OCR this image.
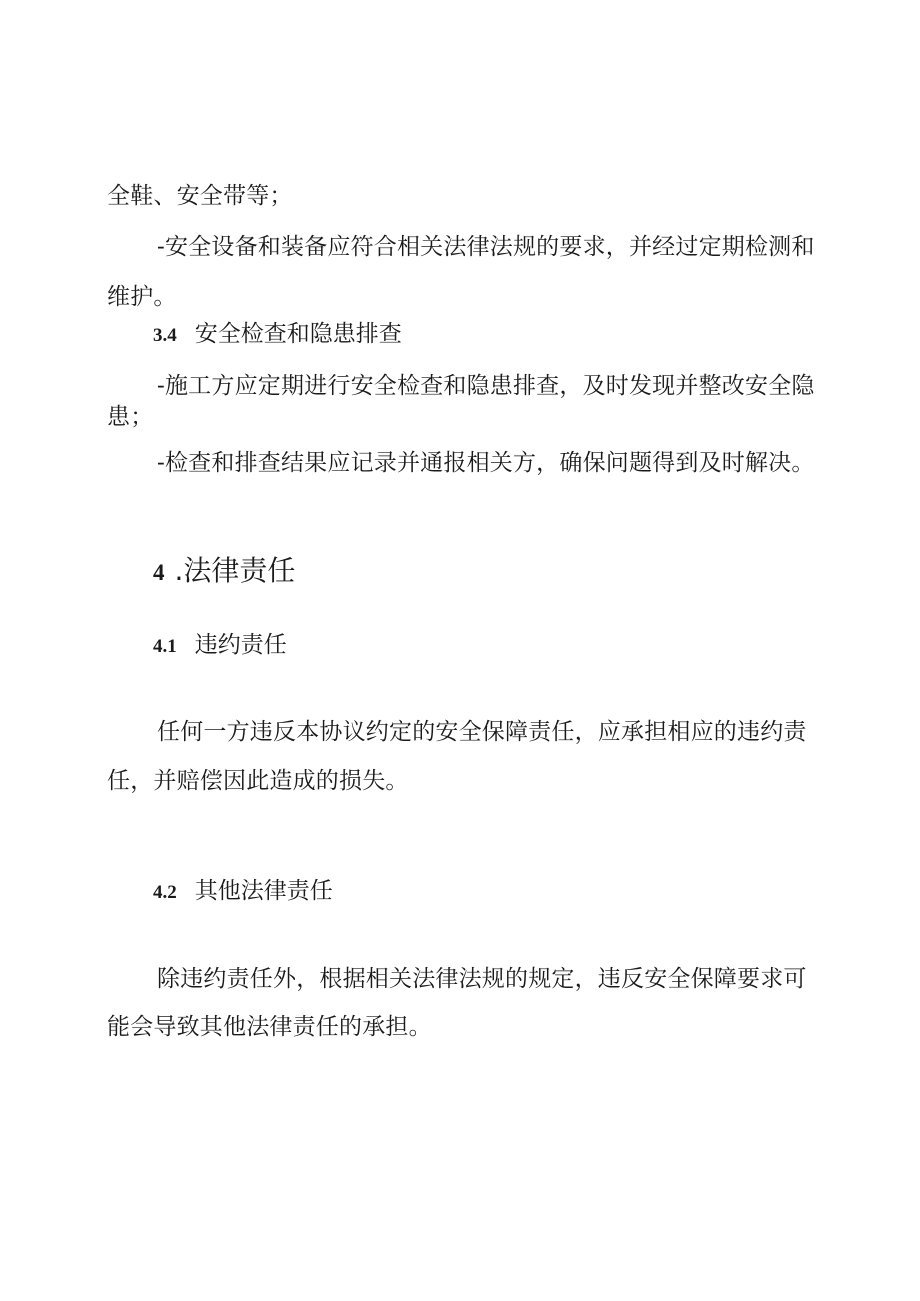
全鞋、安全带等；
-安全设备和装备应符合相关法律法规的要求，并经过定期检测和
维护。
3.4 安全检查和隐患排查
-施工方应定期进行安全检查和隐患排查，及时发现并整改安全隐
患；
-检查和排查结果应记录并通报相关方，确保问题得到及时解决。
4 .法律责任
4.1 违约责任
任何一方违反本协议约定的安全保障责任，应承担相应的违约责
任，并赔偿因此造成的损失。
4.2 其他法律责任
除违约责任外，根据相关法律法规的规定，违反安全保障要求可
能会导致其他法律责任的承担。
